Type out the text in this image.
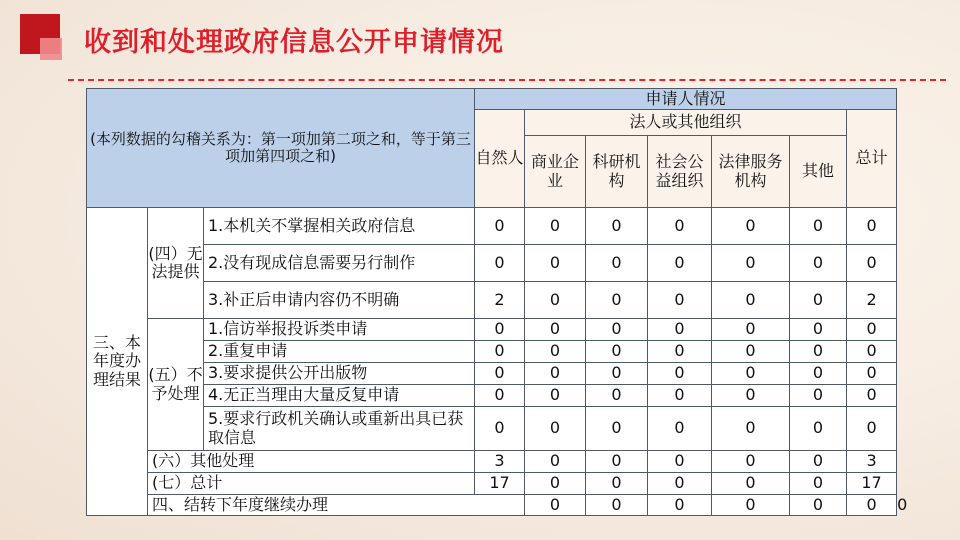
收到和处理政府信息公开申请情况
(本列数据的勾稽关系为：第一项加第二项之和，等于第三项加第四项之和)			申请人情况							
			自然人	法人或其他组织					总计	
				商业企业	科研机构	社会公益组织	法律服务机构	其他		
三、本年度办理结果	(四）无法提供	1.本机关不掌握相关政府信息	0	0	0	0	0	0	0	
		2.没有现成信息需要另行制作	0	0	0	0	0	0	0	
		3.补正后申请内容仍不明确	2	0	0	0	0	0	2	
	(五）不予处理	1.信访举报投诉类申请	0	0	0	0	0	0	0	
		2.重复申请	0	0	0	0	0	0	0	
		3.要求提供公开出版物	0	0	0	0	0	0	0	
		4.无正当理由大量反复申请	0	0	0	0	0	0	0	
		5.要求行政机关确认或重新出具已获取信息	0	0	0	0	0	0	0	
	(六）其他处理		3	0	0	0	0	0	3	
	(七）总计		17	0	0	0	0	0	17	
	四、结转下年度继续办理			0	0	0	0	0	0	0
